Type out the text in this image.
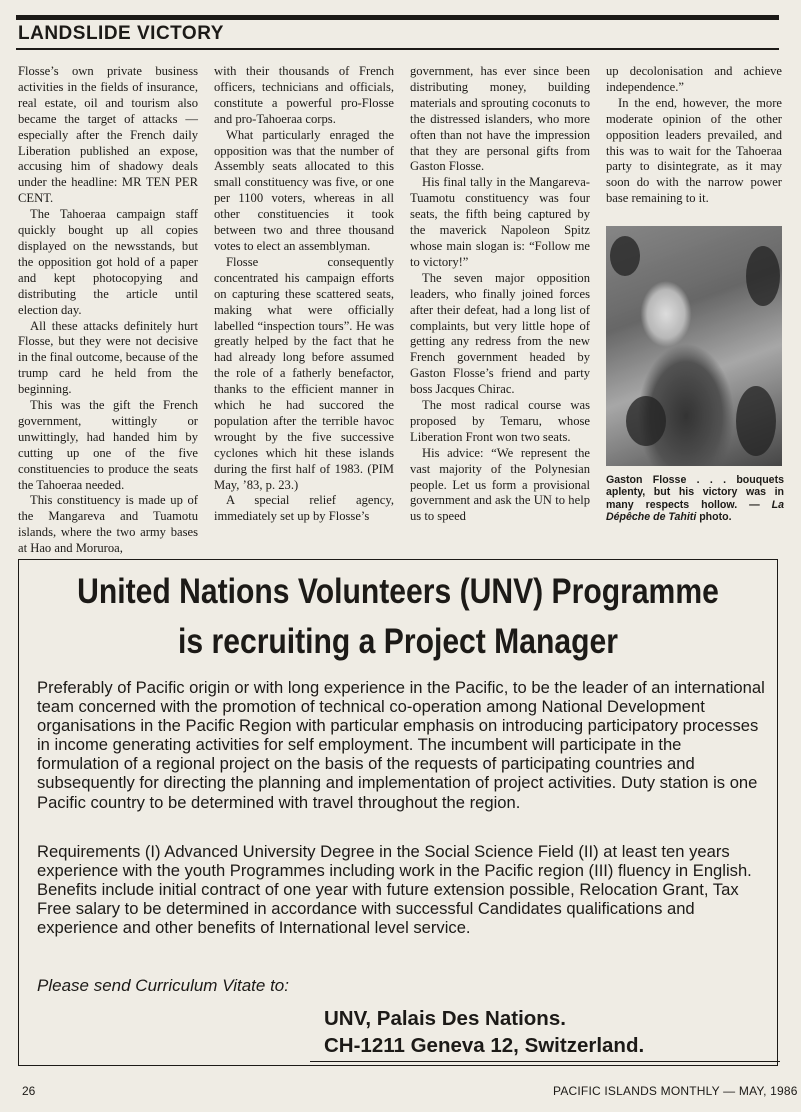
LANDSLIDE VICTORY

Flosse’s own private business activities in the fields of insurance, real estate, oil and tourism also became the target of attacks — especially after the French daily Liberation published an expose, accusing him of shadowy deals under the headline: MR TEN PER CENT.

The Tahoeraa campaign staff quickly bought up all copies displayed on the newsstands, but the opposition got hold of a paper and kept photocopying and distributing the article until election day.

All these attacks definitely hurt Flosse, but they were not decisive in the final outcome, because of the trump card he held from the beginning.

This was the gift the French government, wittingly or unwittingly, had handed him by cutting up one of the five constituencies to produce the seats the Tahoeraa needed.

This constituency is made up of the Mangareva and Tuamotu islands, where the two army bases at Hao and Moruroa,

with their thousands of French officers, technicians and officials, constitute a powerful pro-Flosse and pro-Tahoeraa corps.

What particularly enraged the opposition was that the number of Assembly seats allocated to this small constituency was five, or one per 1100 voters, whereas in all other constituencies it took between two and three thousand votes to elect an assemblyman.

Flosse consequently concentrated his campaign efforts on capturing these scattered seats, making what were officially labelled “inspection tours”. He was greatly helped by the fact that he had already long before assumed the role of a fatherly benefactor, thanks to the efficient manner in which he had succored the population after the terrible havoc wrought by the five successive cyclones which hit these islands during the first half of 1983. (PIM May, ’83, p. 23.)

A special relief agency, immediately set up by Flosse’s

government, has ever since been distributing money, building materials and sprouting coconuts to the distressed islanders, who more often than not have the impression that they are personal gifts from Gaston Flosse.

His final tally in the Mangareva-Tuamotu constituency was four seats, the fifth being captured by the maverick Napoleon Spitz whose main slogan is: “Follow me to victory!”

The seven major opposition leaders, who finally joined forces after their defeat, had a long list of complaints, but very little hope of getting any redress from the new French government headed by Gaston Flosse’s friend and party boss Jacques Chirac.

The most radical course was proposed by Temaru, whose Liberation Front won two seats.

His advice: “We represent the vast majority of the Polynesian people. Let us form a provisional government and ask the UN to help us to speed

up decolonisation and achieve independence.”

In the end, however, the more moderate opinion of the other opposition leaders prevailed, and this was to wait for the Tahoeraa party to disintegrate, as it may soon do with the narrow power base remaining to it.

Gaston Flosse . . . bouquets aplenty, but his victory was in many respects hollow. — La Dépêche de Tahiti photo.
United Nations Volunteers (UNV) Programme
is recruiting a Project Manager
Preferably of Pacific origin or with long experience in the Pacific, to be the leader of an international team concerned with the promotion of technical co-operation among National Development organisations in the Pacific Region with particular emphasis on introducing participatory processes in income generating activities for self employment. The incumbent will participate in the formulation of a regional project on the basis of the requests of participating countries and subsequently for directing the planning and implementation of project activities. Duty station is one Pacific country to be determined with travel throughout the region.
Requirements (I) Advanced University Degree in the Social Science Field (II) at least ten years experience with the youth Programmes including work in the Pacific region (III) fluency in English. Benefits include initial contract of one year with future extension possible, Relocation Grant, Tax Free salary to be determined in accordance with successful Candidates qualifications and experience and other benefits of International level service.
Please send Curriculum Vitate to:
UNV, Palais Des Nations.
CH-1211 Geneva 12, Switzerland.
26	PACIFIC ISLANDS MONTHLY — MAY, 1986
